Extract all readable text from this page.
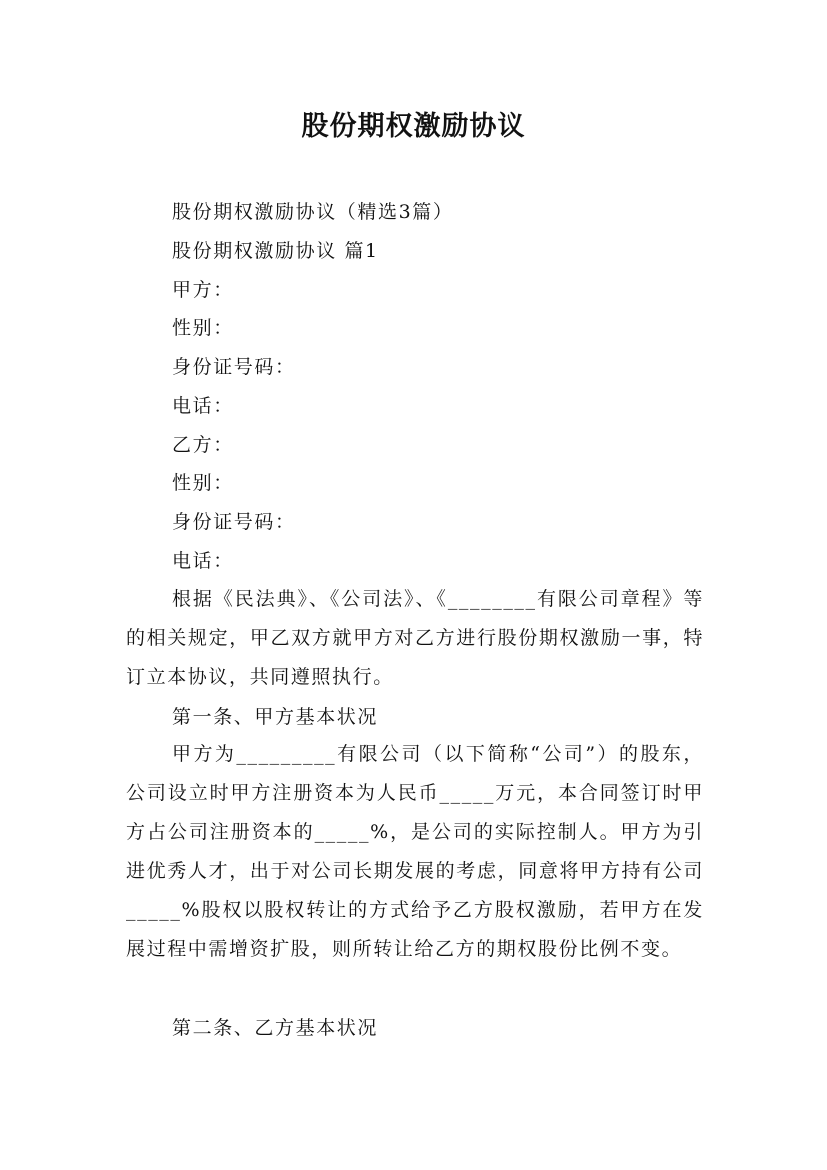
股份期权激励协议
股份期权激励协议（精选3篇）
股份期权激励协议 篇1
甲方：
性别：
身份证号码：
电话：
乙方：
性别：
身份证号码：
电话：
根据《民法典》、《公司法》、《________有限公司章程》等的相关规定，甲乙双方就甲方对乙方进行股份期权激励一事，特订立本协议，共同遵照执行。
第一条、甲方基本状况
甲方为_________有限公司（以下简称“公司”）的股东，公司设立时甲方注册资本为人民币_____万元，本合同签订时甲方占公司注册资本的_____%，是公司的实际控制人。甲方为引进优秀人才，出于对公司长期发展的考虑，同意将甲方持有公司_____%股权以股权转让的方式给予乙方股权激励，若甲方在发展过程中需增资扩股，则所转让给乙方的期权股份比例不变。
第二条、乙方基本状况
